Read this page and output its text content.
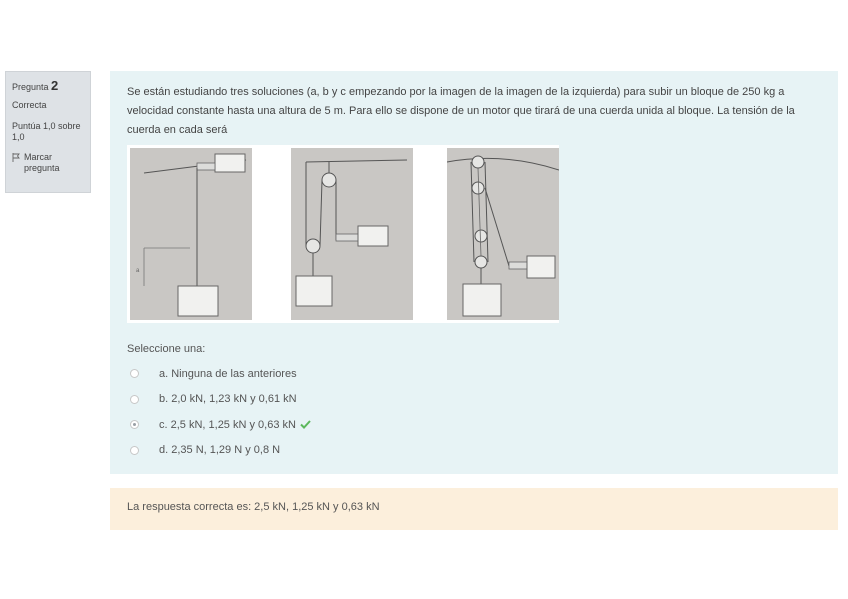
Pregunta 2
Correcta
Puntúa 1,0 sobre 1,0
Marcar pregunta
Se están estudiando tres soluciones (a, b y c empezando por la imagen de la imagen de la izquierda) para subir un bloque de 250 kg a velocidad constante hasta una altura de 5 m. Para ello se dispone de un motor que tirará de una cuerda unida al bloque. La tensión de la cuerda en cada será
a
Seleccione una:
a. Ninguna de las anteriores
b. 2,0 kN, 1,23 kN y 0,61 kN
c. 2,5 kN, 1,25 kN y 0,63 kN
d. 2,35 N, 1,29 N y 0,8 N
La respuesta correcta es: 2,5 kN, 1,25 kN y 0,63 kN
